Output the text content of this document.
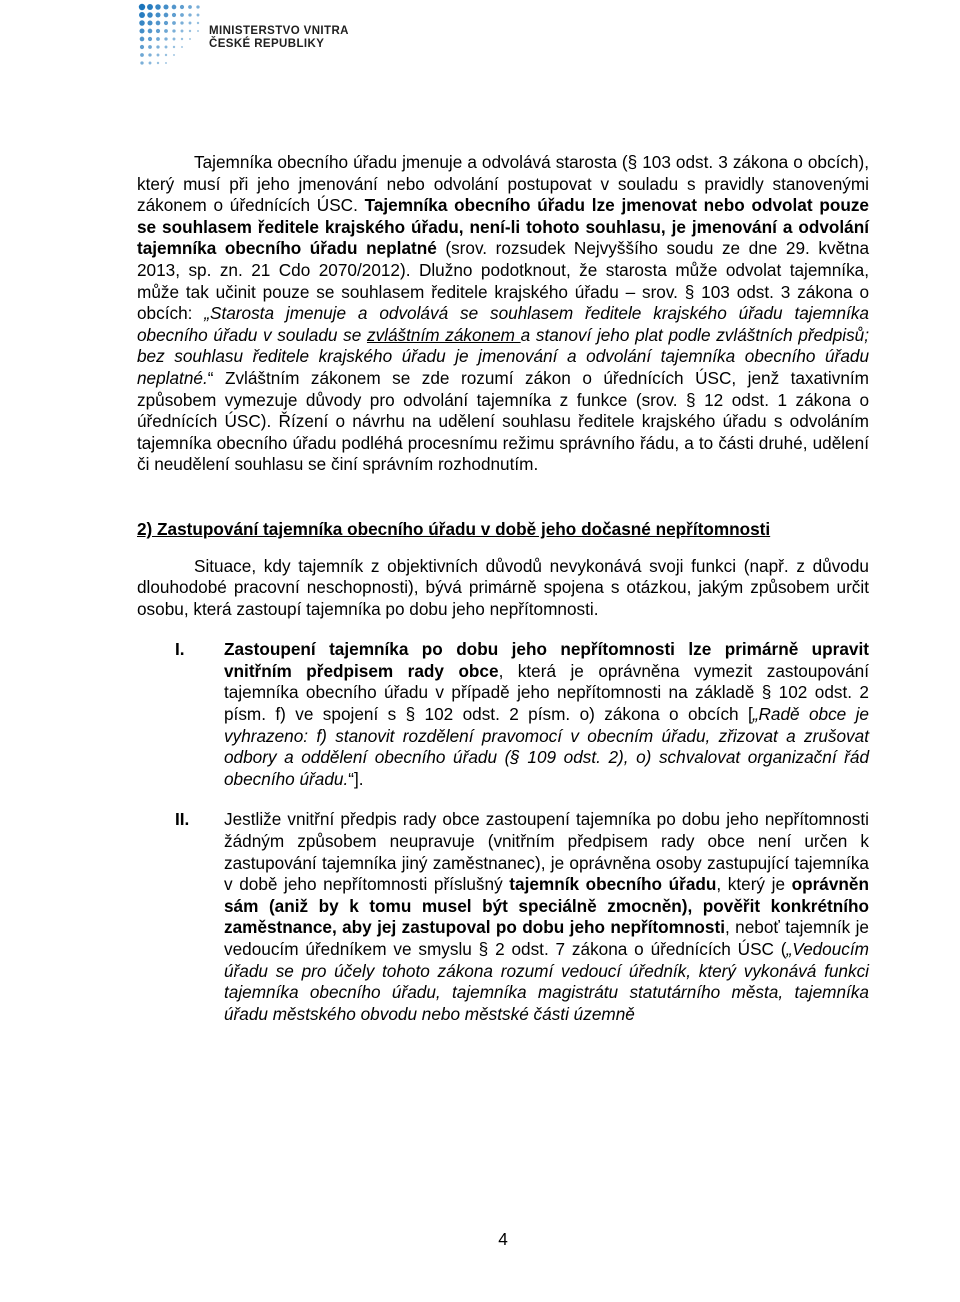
MINISTERSTVO VNITRA
ČESKÉ REPUBLIKY

Tajemníka obecního úřadu jmenuje a odvolává starosta (§ 103 odst. 3 zákona o obcích), který musí při jeho jmenování nebo odvolání postupovat v souladu s pravidly stanovenými zákonem o úřednících ÚSC. Tajemníka obecního úřadu lze jmenovat nebo odvolat pouze se souhlasem ředitele krajského úřadu, není-li tohoto souhlasu, je jmenování a odvolání tajemníka obecního úřadu neplatné (srov. rozsudek Nejvyššího soudu ze dne 29. května 2013, sp. zn. 21 Cdo 2070/2012). Dlužno podotknout, že starosta může odvolat tajemníka, může tak učinit pouze se souhlasem ředitele krajského úřadu – srov. § 103 odst. 3 zákona o obcích: „Starosta jmenuje a odvolává se souhlasem ředitele krajského úřadu tajemníka obecního úřadu v souladu se zvláštním zákonem a stanoví jeho plat podle zvláštních předpisů; bez souhlasu ředitele krajského úřadu je jmenování a odvolání tajemníka obecního úřadu neplatné.“ Zvláštním zákonem se zde rozumí zákon o úřednících ÚSC, jenž taxativním způsobem vymezuje důvody pro odvolání tajemníka z funkce (srov. § 12 odst. 1 zákona o úřednících ÚSC). Řízení o návrhu na udělení souhlasu ředitele krajského úřadu s odvoláním tajemníka obecního úřadu podléhá procesnímu režimu správního řádu, a to části druhé, udělení či neudělení souhlasu se činí správním rozhodnutím.

2) Zastupování tajemníka obecního úřadu v době jeho dočasné nepřítomnosti

Situace, kdy tajemník z objektivních důvodů nevykonává svoji funkci (např. z důvodu dlouhodobé pracovní neschopnosti), bývá primárně spojena s otázkou, jakým způsobem určit osobu, která zastoupí tajemníka po dobu jeho nepřítomnosti.

I. Zastoupení tajemníka po dobu jeho nepřítomnosti lze primárně upravit vnitřním předpisem rady obce, která je oprávněna vymezit zastoupování tajemníka obecního úřadu v případě jeho nepřítomnosti na základě § 102 odst. 2 písm. f) ve spojení s § 102 odst. 2 písm. o) zákona o obcích [„Radě obce je vyhrazeno: f) stanovit rozdělení pravomocí v obecním úřadu, zřizovat a zrušovat odbory a oddělení obecního úřadu (§ 109 odst. 2), o) schvalovat organizační řád obecního úřadu.“].

II. Jestliže vnitřní předpis rady obce zastoupení tajemníka po dobu jeho nepřítomnosti žádným způsobem neupravuje (vnitřním předpisem rady obce není určen k zastupování tajemníka jiný zaměstnanec), je oprávněna osoby zastupující tajemníka v době jeho nepřítomnosti příslušný tajemník obecního úřadu, který je oprávněn sám (aniž by k tomu musel být speciálně zmocněn), pověřit konkrétního zaměstnance, aby jej zastupoval po dobu jeho nepřítomnosti, neboť tajemník je vedoucím úředníkem ve smyslu § 2 odst. 7 zákona o úřednících ÚSC („Vedoucím úřadu se pro účely tohoto zákona rozumí vedoucí úředník, který vykonává funkci tajemníka obecního úřadu, tajemníka magistrátu statutárního města, tajemníka úřadu městského obvodu nebo městské části územně

4
